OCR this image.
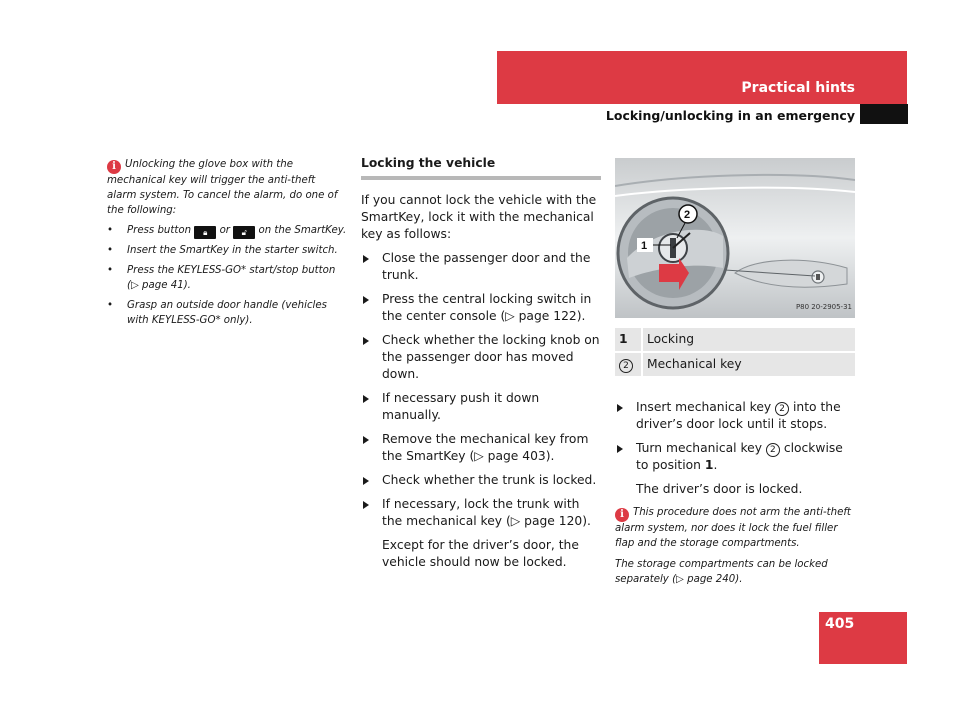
Practical hints
Locking/unlocking in an emergency
i Unlocking the glove box with the mechanical key will trigger the anti-theft alarm system. To cancel the alarm, do one of the following:
• Press button 🔒︎ or 🔓︎ on the SmartKey.
• Insert the SmartKey in the starter switch.
• Press the KEYLESS-GO* start/stop button (▷ page 41).
• Grasp an outside door handle (vehicles with KEYLESS-GO* only).
Locking the vehicle

If you cannot lock the vehicle with the SmartKey, lock it with the mechanical key as follows:

Close the passenger door and the trunk.
Press the central locking switch in the center console (▷ page 122).
Check whether the locking knob on the passenger door has moved down.
If necessary push it down manually.
Remove the mechanical key from the SmartKey (▷ page 403).
Check whether the trunk is locked.
If necessary, lock the trunk with the mechanical key (▷ page 120).

Except for the driver’s door, the vehicle should now be locked.

1
2
P80 20-2905-31
1	Locking
2	Mechanical key
Insert mechanical key 2 into the driver’s door lock until it stops.
Turn mechanical key 2 clockwise to position 1.
The driver’s door is locked.

i This procedure does not arm the anti-theft alarm system, nor does it lock the fuel filler flap and the storage compartments.

The storage compartments can be locked separately (▷ page 240).

405
